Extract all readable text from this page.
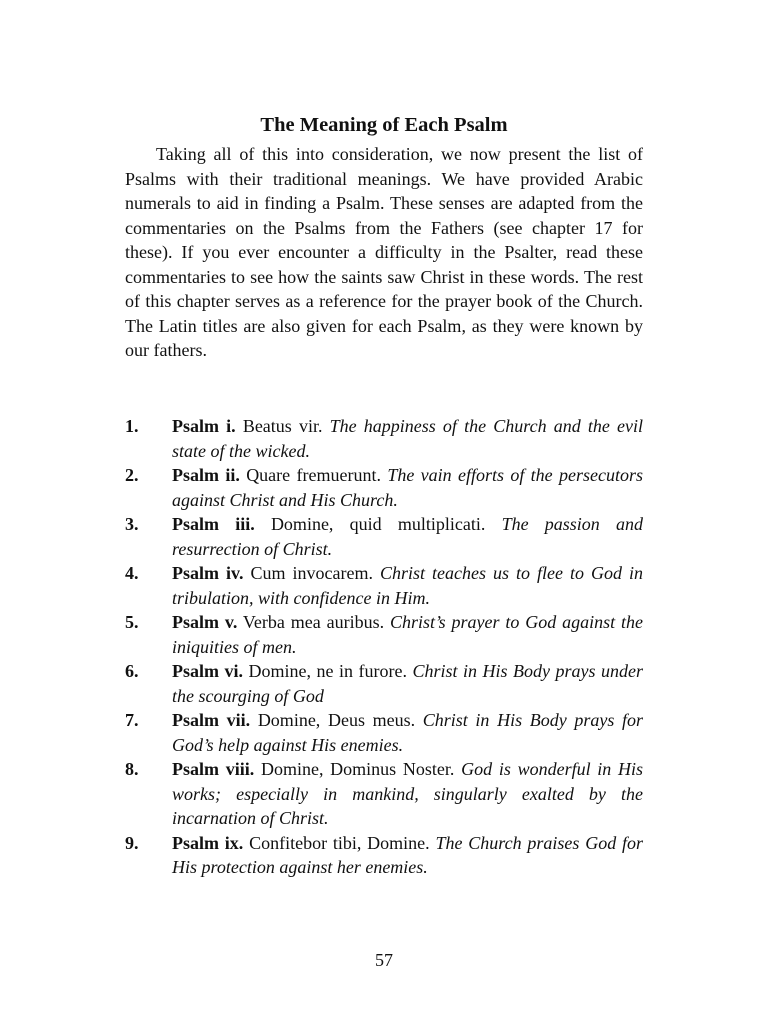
The Meaning of Each Psalm

Taking all of this into consideration, we now present the list of Psalms with their traditional meanings. We have provided Arabic numerals to aid in finding a Psalm. These senses are adapted from the commentaries on the Psalms from the Fathers (see chapter 17 for these). If you ever encounter a difficulty in the Psalter, read these commentaries to see how the saints saw Christ in these words. The rest of this chapter serves as a reference for the prayer book of the Church. The Latin titles are also given for each Psalm, as they were known by our fathers.

1. Psalm i. Beatus vir. The happiness of the Church and the evil state of the wicked.
2. Psalm ii. Quare fremuerunt. The vain efforts of the persecutors against Christ and His Church.
3. Psalm iii. Domine, quid multiplicati. The passion and resurrection of Christ.
4. Psalm iv. Cum invocarem. Christ teaches us to flee to God in tribulation, with confidence in Him.
5. Psalm v. Verba mea auribus. Christ’s prayer to God against the iniquities of men.
6. Psalm vi. Domine, ne in furore. Christ in His Body prays under the scourging of God
7. Psalm vii. Domine, Deus meus. Christ in His Body prays for God’s help against His enemies.
8. Psalm viii. Domine, Dominus Noster. God is wonderful in His works; especially in mankind, singularly exalted by the incarnation of Christ.
9. Psalm ix. Confitebor tibi, Domine. The Church praises God for His protection against her enemies.

57
